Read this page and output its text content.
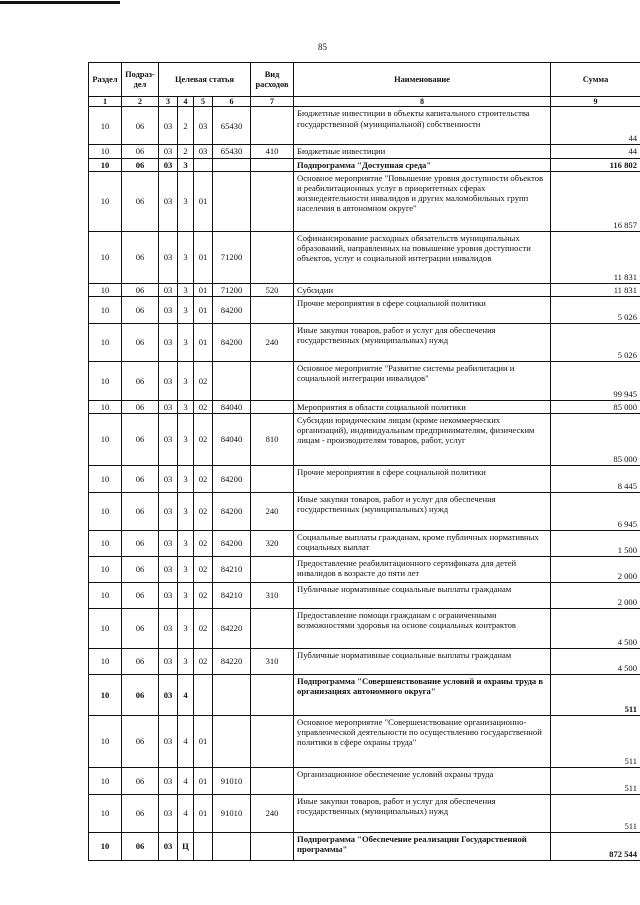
85
Раздел	Подраз-дел	Целевая статья				Вид расходов	Наименование	Сумма
1	2	3	4	5	6	7	8	9
10	06	03	2	03	65430		Бюджетные инвестиции в объекты капитального строительства государственной (муниципальной) собственности	44
10	06	03	2	03	65430	410	Бюджетные инвестиции	44
10	06	03	3				Подпрограмма "Доступная среда"	116 802
10	06	03	3	01			Основное мероприятие "Повышение уровня доступности объектов и реабилитационных услуг в приоритетных сферах жизнедеятельности инвалидов и других маломобильных групп населения в автономном округе"	16 857
10	06	03	3	01	71200		Софинансирование расходных обязательств муниципальных образований, направленных на повышение уровня доступности объектов, услуг и социальной интеграции инвалидов	11 831
10	06	03	3	01	71200	520	Субсидии	11 831
10	06	03	3	01	84200		Прочие мероприятия в сфере социальной политики	5 026
10	06	03	3	01	84200	240	Иные закупки товаров, работ и услуг для обеспечения государственных (муниципальных) нужд	5 026
10	06	03	3	02			Основное мероприятие "Развитие системы реабилитации и социальной интеграции инвалидов"	99 945
10	06	03	3	02	84040		Мероприятия в области социальной политики	85 000
10	06	03	3	02	84040	810	Субсидии юридическим лицам (кроме некоммерческих организаций), индивидуальным предпринимателям, физическим лицам - производителям товаров, работ, услуг	85 000
10	06	03	3	02	84200		Прочие мероприятия в сфере социальной политики	8 445
10	06	03	3	02	84200	240	Иные закупки товаров, работ и услуг для обеспечения государственных (муниципальных) нужд	6 945
10	06	03	3	02	84200	320	Социальные выплаты гражданам, кроме публичных нормативных социальных выплат	1 500
10	06	03	3	02	84210		Предоставление реабилитационного сертификата для детей инвалидов в возрасте до пяти лет	2 000
10	06	03	3	02	84210	310	Публичные нормативные социальные выплаты гражданам	2 000
10	06	03	3	02	84220		Предоставление помощи гражданам с ограниченными возможностями здоровья на основе социальных контрактов	4 500
10	06	03	3	02	84220	310	Публичные нормативные социальные выплаты гражданам	4 500
10	06	03	4				Подпрограмма "Совершенствование условий и охраны труда в организациях автономного округа"	511
10	06	03	4	01			Основное мероприятие "Совершенствование организационно-управленческой деятельности по осуществлению государственной политики в сфере охраны труда"	511
10	06	03	4	01	91010		Организационное обеспечение условий охраны труда	511
10	06	03	4	01	91010	240	Иные закупки товаров, работ и услуг для обеспечения государственных (муниципальных) нужд	511
10	06	03	Ц				Подпрограмма "Обеспечение реализации Государственной программы"	872 544
